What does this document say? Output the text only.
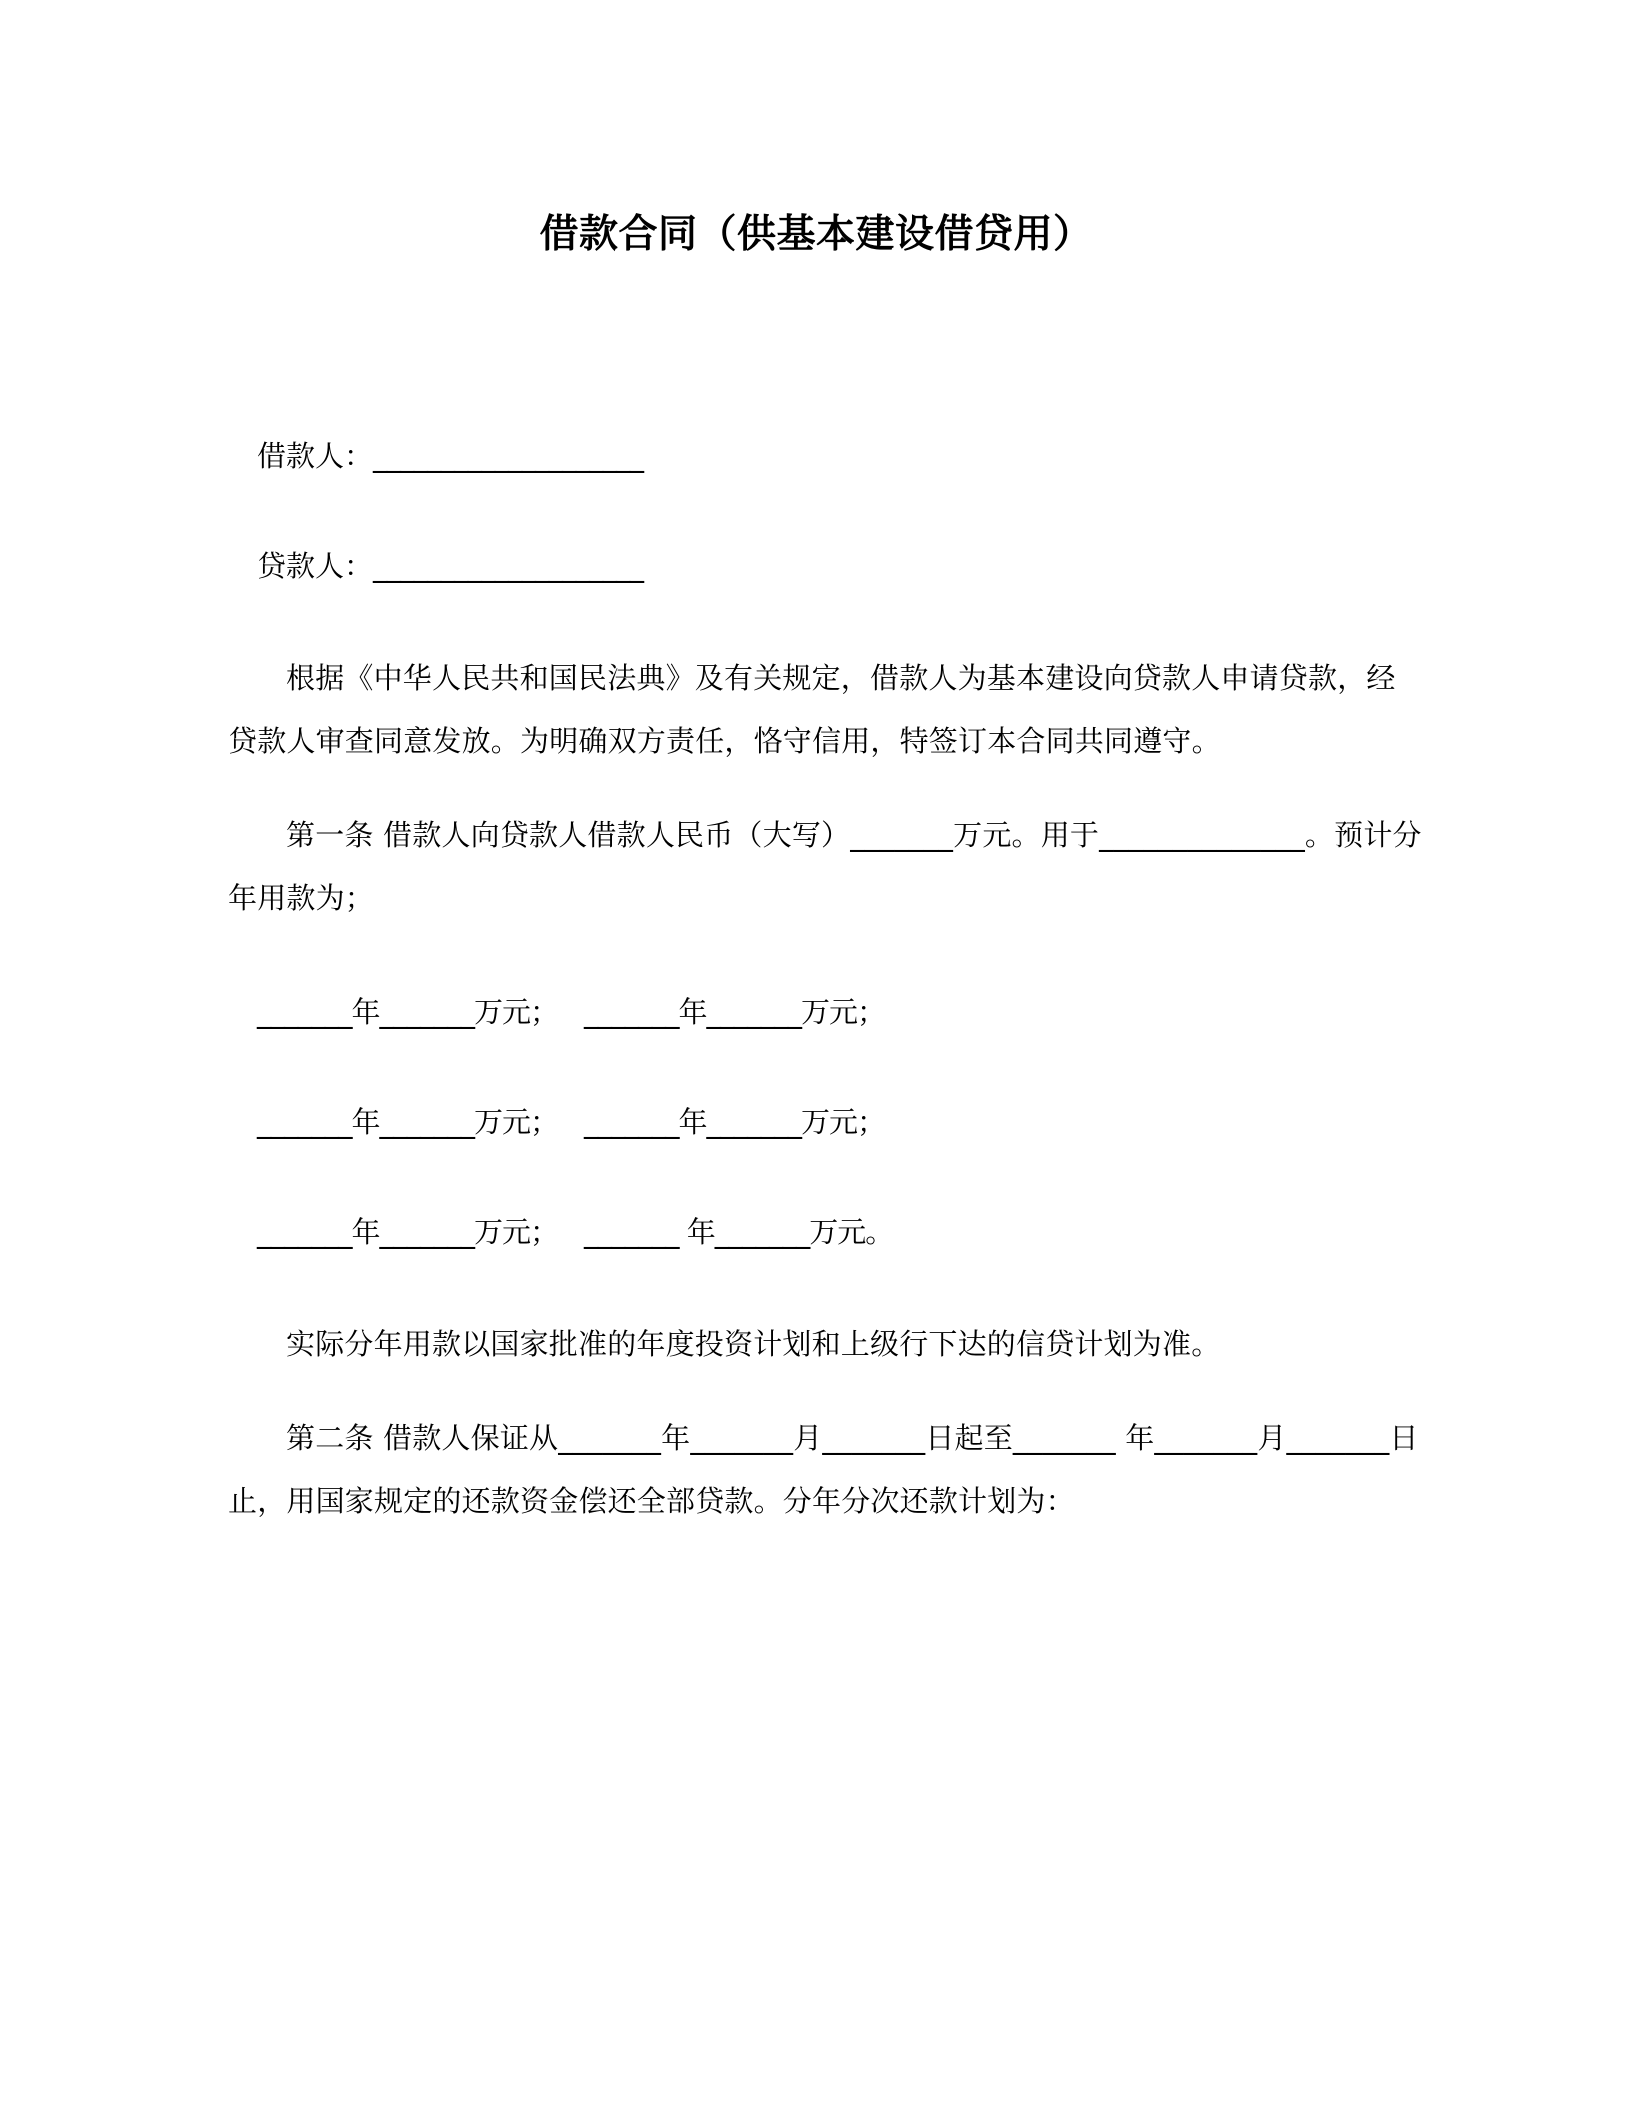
借款合同（供基本建设借贷用）

借款人：____________________

贷款人：____________________

根据《中华人民共和国民法典》及有关规定，借款人为基本建设向贷款人申请贷款，经贷款人审查同意发放。为明确双方责任，恪守信用，特签订本合同共同遵守。

第一条 借款人向贷款人借款人民币（大写）_______万元。用于______________。预计分年用款为；

_______年_______万元； _______年_______万元；

_______年_______万元； _______年_______万元；

_______年_______万元； _______ 年_______万元。

实际分年用款以国家批准的年度投资计划和上级行下达的信贷计划为准。

第二条 借款人保证从_______年_______月_______日起至_______ 年_______月_______日止，用国家规定的还款资金偿还全部贷款。分年分次还款计划为：
